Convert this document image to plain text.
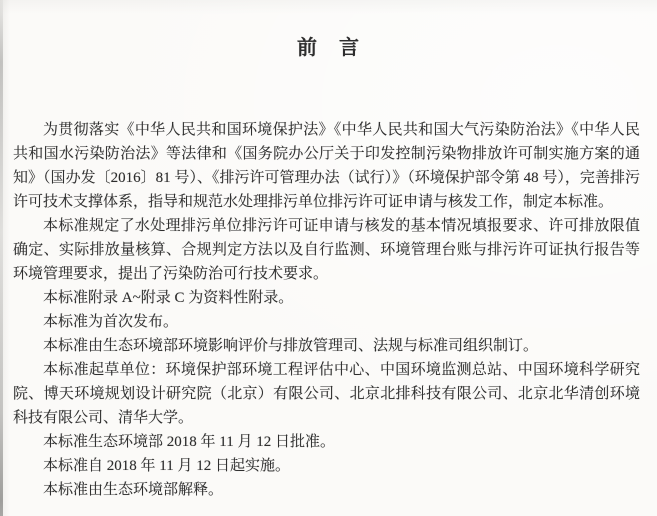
前　言

为贯彻落实《中华人民共和国环境保护法》《中华人民共和国大气污染防治法》《中华人民共和国水污染防治法》等法律和《国务院办公厅关于印发控制污染物排放许可制实施方案的通知》（国办发〔2016〕81 号）、《排污许可管理办法（试行）》（环境保护部令第 48 号），完善排污许可技术支撑体系，指导和规范水处理排污单位排污许可证申请与核发工作，制定本标准。

本标准规定了水处理排污单位排污许可证申请与核发的基本情况填报要求、许可排放限值确定、实际排放量核算、合规判定方法以及自行监测、环境管理台账与排污许可证执行报告等环境管理要求，提出了污染防治可行技术要求。

本标准附录 A~附录 C 为资料性附录。

本标准为首次发布。

本标准由生态环境部环境影响评价与排放管理司、法规与标准司组织制订。

本标准起草单位：环境保护部环境工程评估中心、中国环境监测总站、中国环境科学研究院、博天环境规划设计研究院（北京）有限公司、北京北排科技有限公司、北京北华清创环境科技有限公司、清华大学。

本标准生态环境部 2018 年 11 月 12 日批准。

本标准自 2018 年 11 月 12 日起实施。

本标准由生态环境部解释。
